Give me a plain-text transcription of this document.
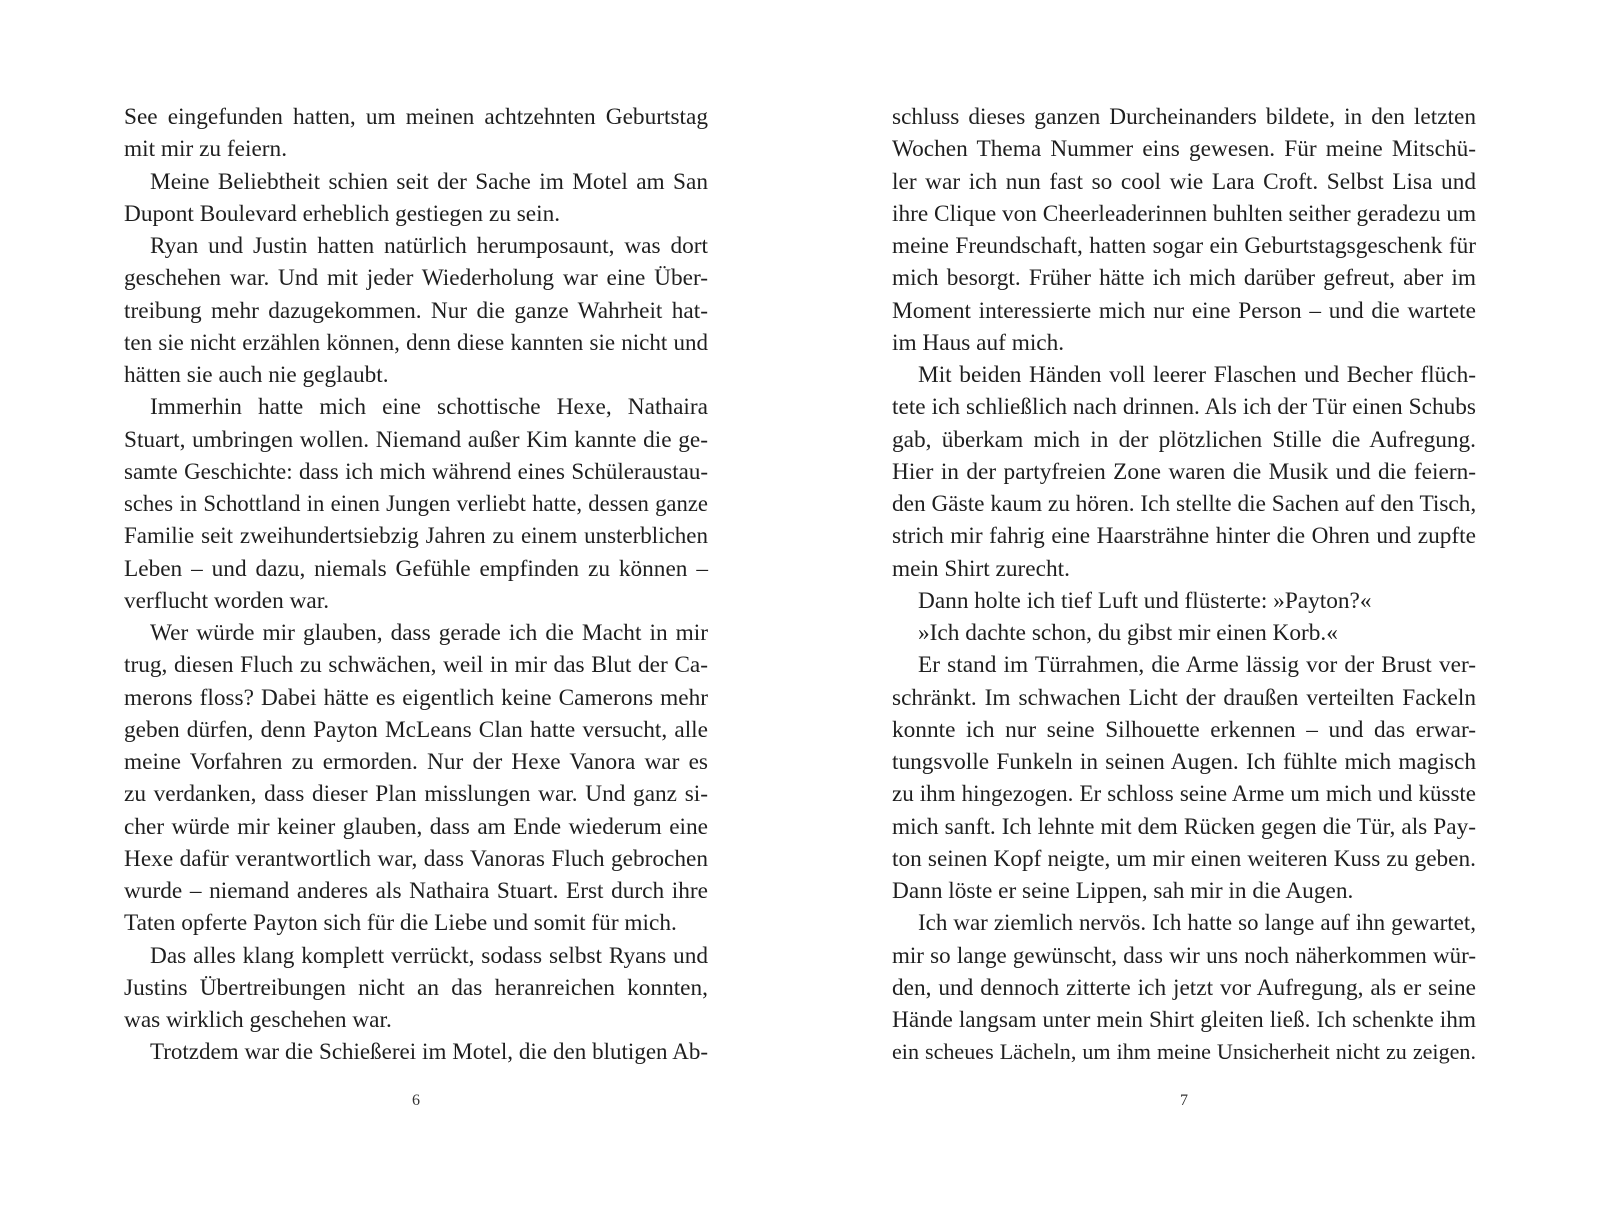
See eingefunden hatten, um meinen achtzehnten Geburtstag
mit mir zu feiern.
Meine Beliebtheit schien seit der Sache im Motel am San
Dupont Boulevard erheblich gestiegen zu sein.
Ryan und Justin hatten natürlich herumposaunt, was dort
geschehen war. Und mit jeder Wiederholung war eine Über-
treibung mehr dazugekommen. Nur die ganze Wahrheit hat-
ten sie nicht erzählen können, denn diese kannten sie nicht und
hätten sie auch nie geglaubt.
Immerhin hatte mich eine schottische Hexe, Nathaira
Stuart, umbringen wollen. Niemand außer Kim kannte die ge-
samte Geschichte: dass ich mich während eines Schüleraustau-
sches in Schottland in einen Jungen verliebt hatte, dessen ganze
Familie seit zweihundertsiebzig Jahren zu einem unsterblichen
Leben – und dazu, niemals Gefühle empfinden zu können –
verflucht worden war.
Wer würde mir glauben, dass gerade ich die Macht in mir
trug, diesen Fluch zu schwächen, weil in mir das Blut der Ca-
merons floss? Dabei hätte es eigentlich keine Camerons mehr
geben dürfen, denn Payton McLeans Clan hatte versucht, alle
meine Vorfahren zu ermorden. Nur der Hexe Vanora war es
zu verdanken, dass dieser Plan misslungen war. Und ganz si-
cher würde mir keiner glauben, dass am Ende wiederum eine
Hexe dafür verantwortlich war, dass Vanoras Fluch gebrochen
wurde – niemand anderes als Nathaira Stuart. Erst durch ihre
Taten opferte Payton sich für die Liebe und somit für mich.
Das alles klang komplett verrückt, sodass selbst Ryans und
Justins Übertreibungen nicht an das heranreichen konnten,
was wirklich geschehen war.
Trotzdem war die Schießerei im Motel, die den blutigen Ab-
6
schluss dieses ganzen Durcheinanders bildete, in den letzten
Wochen Thema Nummer eins gewesen. Für meine Mitschü-
ler war ich nun fast so cool wie Lara Croft. Selbst Lisa und
ihre Clique von Cheerleaderinnen buhlten seither geradezu um
meine Freundschaft, hatten sogar ein Geburtstagsgeschenk für
mich besorgt. Früher hätte ich mich darüber gefreut, aber im
Moment interessierte mich nur eine Person – und die wartete
im Haus auf mich.
Mit beiden Händen voll leerer Flaschen und Becher flüch-
tete ich schließlich nach drinnen. Als ich der Tür einen Schubs
gab, überkam mich in der plötzlichen Stille die Aufregung.
Hier in der partyfreien Zone waren die Musik und die feiern-
den Gäste kaum zu hören. Ich stellte die Sachen auf den Tisch,
strich mir fahrig eine Haarsträhne hinter die Ohren und zupfte
mein Shirt zurecht.
Dann holte ich tief Luft und flüsterte: »Payton?«
»Ich dachte schon, du gibst mir einen Korb.«
Er stand im Türrahmen, die Arme lässig vor der Brust ver-
schränkt. Im schwachen Licht der draußen verteilten Fackeln
konnte ich nur seine Silhouette erkennen – und das erwar-
tungsvolle Funkeln in seinen Augen. Ich fühlte mich magisch
zu ihm hingezogen. Er schloss seine Arme um mich und küsste
mich sanft. Ich lehnte mit dem Rücken gegen die Tür, als Pay-
ton seinen Kopf neigte, um mir einen weiteren Kuss zu geben.
Dann löste er seine Lippen, sah mir in die Augen.
Ich war ziemlich nervös. Ich hatte so lange auf ihn gewartet,
mir so lange gewünscht, dass wir uns noch näherkommen wür-
den, und dennoch zitterte ich jetzt vor Aufregung, als er seine
Hände langsam unter mein Shirt gleiten ließ. Ich schenkte ihm
ein scheues Lächeln, um ihm meine Unsicherheit nicht zu zeigen.
7
